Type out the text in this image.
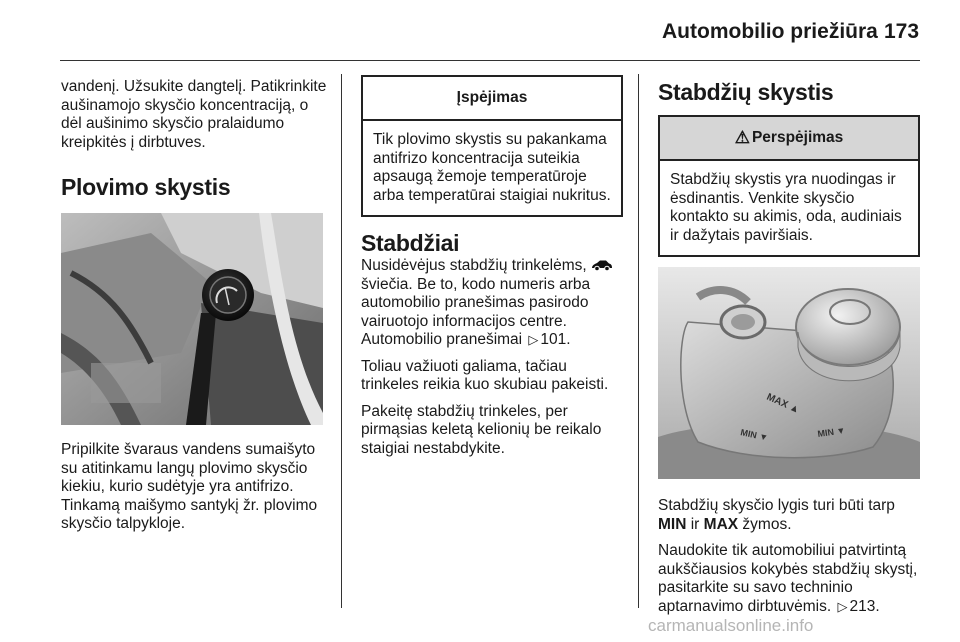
Automobilio priežiūra 173

vandenį. Užsukite dangtelį. Patikrinkite aušinamojo skysčio koncentraciją, o dėl aušinimo skysčio pralaidumo kreipkitės į dirbtuves.

Plovimo skystis

Pripilkite švaraus vandens sumaišyto su atitinkamu langų plovimo skysčio kiekiu, kurio sudėtyje yra antifrizo. Tinkamą maišymo santykį žr. plovimo skysčio talpykloje.

Įspėjimas
Tik plovimo skystis su pakankama antifrizo koncentracija suteikia apsaugą žemoje temperatūroje arba temperatūrai staigiai nukritus.
Stabdžiai

Nusidėvėjus stabdžių trinkelėms,  šviečia. Be to, kodo numeris arba automobilio pranešimas pasirodo vairuotojo informacijos centre. Automobilio pranešimai ▷ 101.

Toliau važiuoti galiama, tačiau trinkeles reikia kuo skubiau pakeisti.

Pakeitę stabdžių trinkeles, per pirmąsias keletą kelionių be reikalo staigiai nestabdykite.

Stabdžių skystis
⚠ Perspėjimas
Stabdžių skystis yra nuodingas ir ėsdinantis. Venkite skysčio kontakto su akimis, oda, audiniais ir dažytais paviršiais.
MAX ▲
MIN ▼	MIN ▼

Stabdžių skysčio lygis turi būti tarp MIN ir MAX žymos.

Naudokite tik automobiliui patvirtintą aukščiausios kokybės stabdžių skystį, pasitarkite su savo techninio aptarnavimo dirbtuvėmis. ▷ 213.

carmanualsonline.info
